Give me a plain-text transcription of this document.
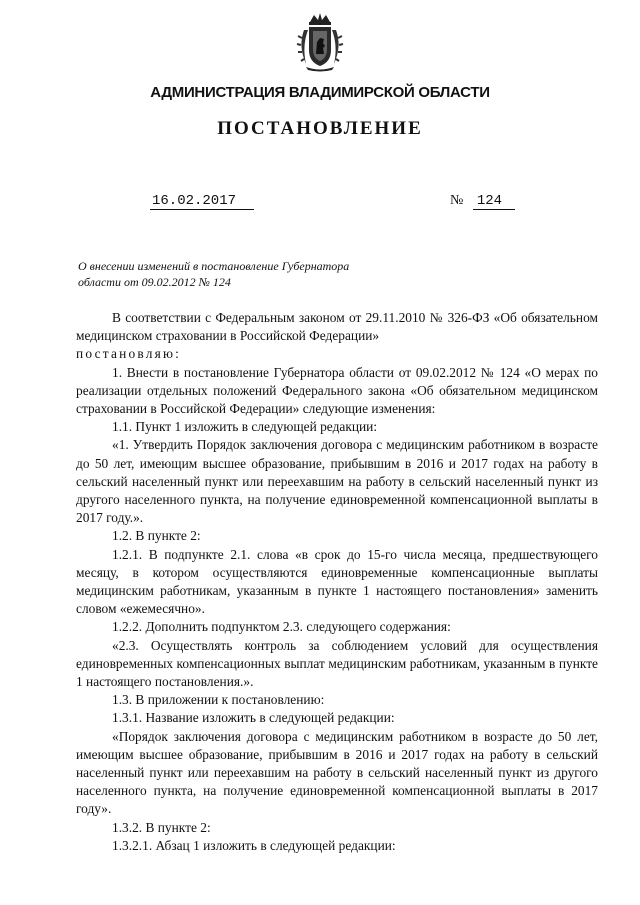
АДМИНИСТРАЦИЯ ВЛАДИМИРСКОЙ ОБЛАСТИ
ПОСТАНОВЛЕНИЕ
16.02.2017	№ 124
О внесении изменений в постановление Губернатора
области от 09.02.2012 № 124

В соответствии с Федеральным законом от 29.11.2010 № 326-ФЗ «Об обязательном медицинском страховании в Российской Федерации»

постановляю:

1. Внести в постановление Губернатора области от 09.02.2012 № 124 «О мерах по реализации отдельных положений Федерального закона «Об обязательном медицинском страховании в Российской Федерации» следующие изменения:

1.1. Пункт 1 изложить в следующей редакции:

«1. Утвердить Порядок заключения договора с медицинским работником в возрасте до 50 лет, имеющим высшее образование, прибывшим в 2016 и 2017 годах на работу в сельский населенный пункт или переехавшим на работу в сельский населенный пункт из другого населенного пункта, на получение единовременной компенсационной выплаты в 2017 году.».

1.2. В пункте 2:

1.2.1. В подпункте 2.1. слова «в срок до 15-го числа месяца, предшествующего месяцу, в котором осуществляются единовременные компенсационные выплаты медицинским работникам, указанным в пункте 1 настоящего постановления» заменить словом «ежемесячно».

1.2.2. Дополнить подпунктом 2.3. следующего содержания:

«2.3. Осуществлять контроль за соблюдением условий для осуществления единовременных компенсационных выплат медицинским работникам, указанным в пункте 1 настоящего постановления.».

1.3. В приложении к постановлению:

1.3.1. Название изложить в следующей редакции:

«Порядок заключения договора с медицинским работником в возрасте до 50 лет, имеющим высшее образование, прибывшим в 2016 и 2017 годах на работу в сельский населенный пункт или переехавшим на работу в сельский населенный пункт из другого населенного пункта, на получение единовременной компенсационной выплаты в 2017 году».

1.3.2. В пункте 2:

1.3.2.1. Абзац 1 изложить в следующей редакции:
